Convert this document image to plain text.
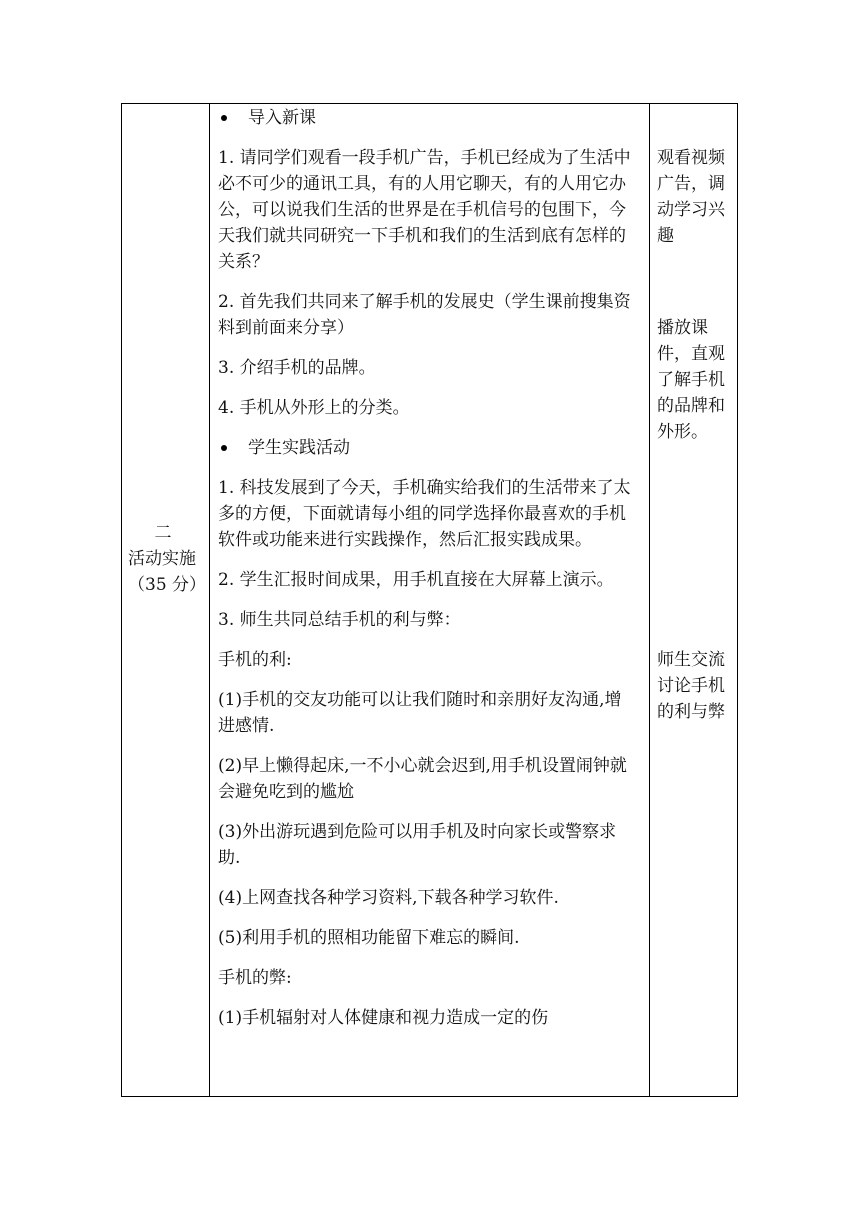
二
活动实施
（35 分）
导入新课

1. 请同学们观看一段手机广告，手机已经成为了生活中必不可少的通讯工具，有的人用它聊天，有的人用它办公，可以说我们生活的世界是在手机信号的包围下，今天我们就共同研究一下手机和我们的生活到底有怎样的关系？

2. 首先我们共同来了解手机的发展史（学生课前搜集资料到前面来分享）

3. 介绍手机的品牌。

4. 手机从外形上的分类。

学生实践活动

1. 科技发展到了今天，手机确实给我们的生活带来了太多的方便，下面就请每小组的同学选择你最喜欢的手机软件或功能来进行实践操作，然后汇报实践成果。

2. 学生汇报时间成果，用手机直接在大屏幕上演示。

3. 师生共同总结手机的利与弊：

手机的利:

(1)手机的交友功能可以让我们随时和亲朋好友沟通,增进感情.

(2)早上懒得起床,一不小心就会迟到,用手机设置闹钟就会避免吃到的尴尬

(3)外出游玩遇到危险可以用手机及时向家长或警察求助.

(4)上网查找各种学习资料,下载各种学习软件.

(5)利用手机的照相功能留下难忘的瞬间.

手机的弊:

(1)手机辐射对人体健康和视力造成一定的伤

观看视频广告，调动学习兴趣
播放课件，直观了解手机的品牌和外形。
师生交流讨论手机的利与弊
